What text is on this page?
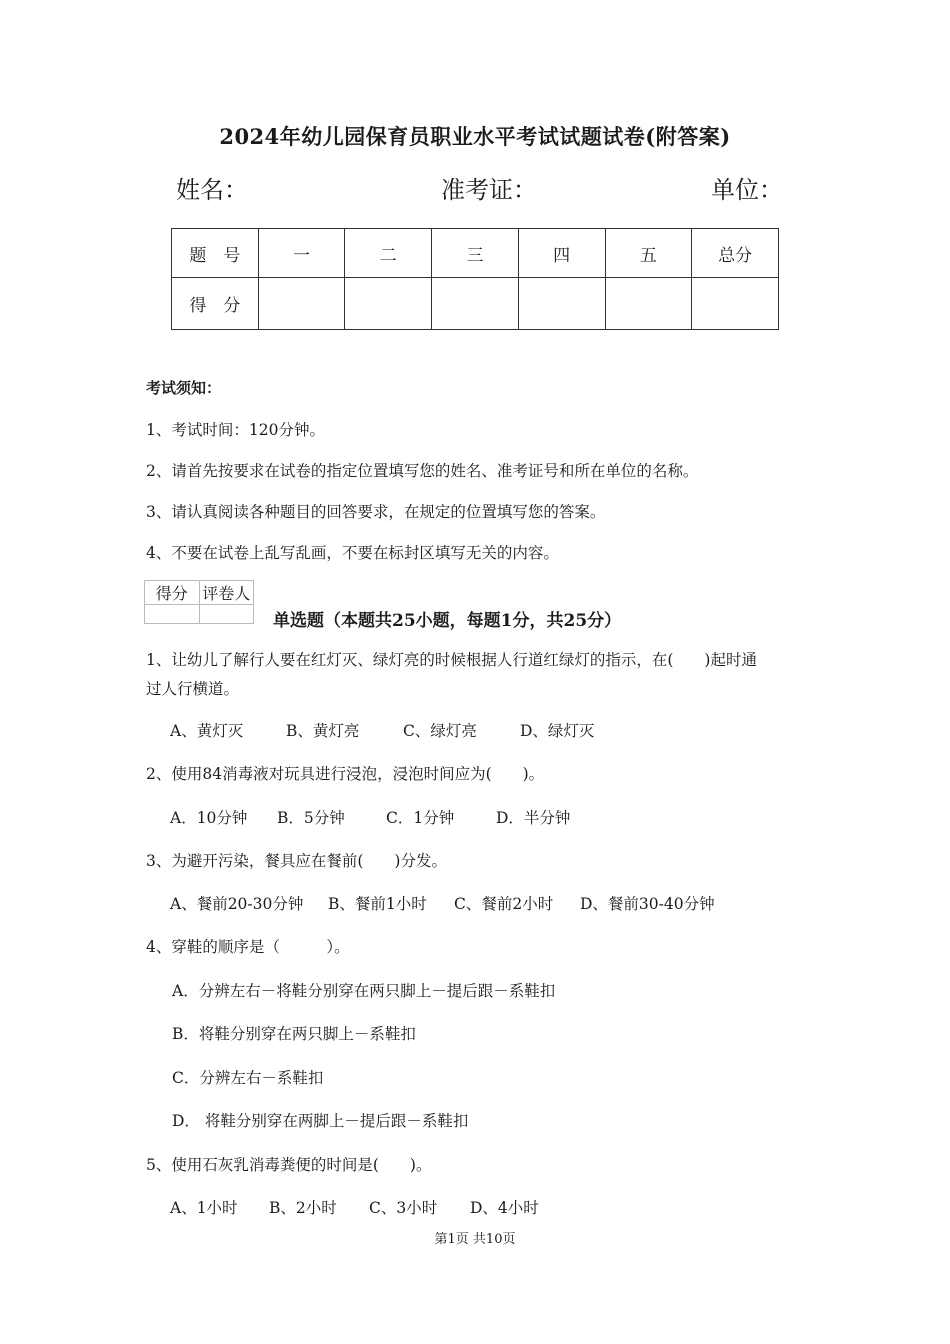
2024年幼儿园保育员职业水平考试试题试卷(附答案)
姓名：	准考证：	单位：
题　号	一	二	三	四	五	总分
得　分						
考试须知：
1、考试时间：120分钟。
2、请首先按要求在试卷的指定位置填写您的姓名、准考证号和所在单位的名称。
3、请认真阅读各种题目的回答要求，在规定的位置填写您的答案。
4、不要在试卷上乱写乱画，不要在标封区填写无关的内容。
得分	评卷人

单选题（本题共25小题，每题1分，共25分）
1、让幼儿了解行人要在红灯灭、绿灯亮的时候根据人行道红绿灯的指示，在(　　)起时通
过人行横道。
A、黄灯灭	B、黄灯亮	C、绿灯亮	D、绿灯灭
2、使用84消毒液对玩具进行浸泡，浸泡时间应为(　　)。
A．10分钟 B．5分钟	C．1分钟	D．半分钟
3、为避开污染，餐具应在餐前(　　)分发。
A、餐前20-30分钟 B、餐前1小时 C、餐前2小时 D、餐前30-40分钟
4、穿鞋的顺序是（　　　）。
A．分辨左右－将鞋分别穿在两只脚上－提后跟－系鞋扣
B．将鞋分别穿在两只脚上－系鞋扣
C．分辨左右－系鞋扣
D． 将鞋分别穿在两脚上－提后跟－系鞋扣
5、使用石灰乳消毒粪便的时间是(　　)。
A、1小时 B、2小时 C、3小时 D、4小时
第1页 共10页
